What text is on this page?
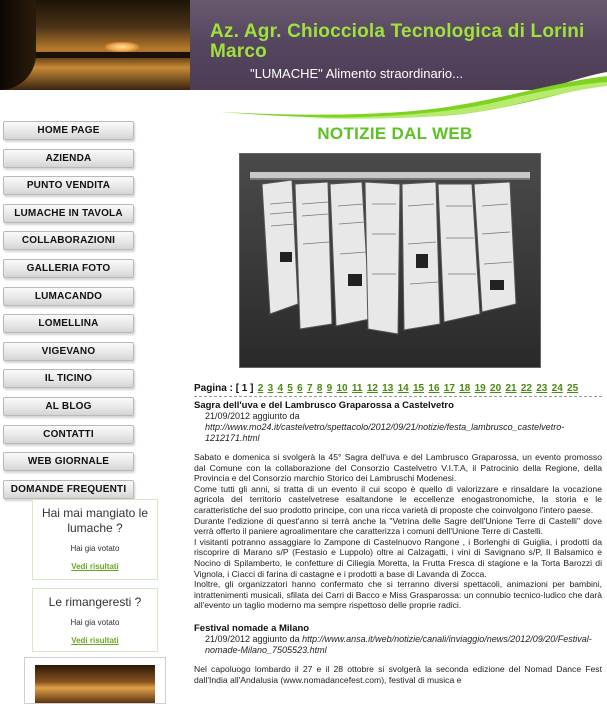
Az. Agr. Chiocciola Tecnologica di Lorini Marco
"LUMACHE" Alimento straordinario...
HOME PAGE
AZIENDA
PUNTO VENDITA
LUMACHE IN TAVOLA
COLLABORAZIONI
GALLERIA FOTO
LUMACANDO
LOMELLINA
VIGEVANO
IL TICINO
AL BLOG
CONTATTI
WEB GIORNALE
DOMANDE FREQUENTI
Hai mai mangiato le lumache ?
Hai gia votato
Vedi risultati
Le rimangeresti ?
Hai gia votato
Vedi risultati
NOTIZIE DAL WEB
Pagina : [ 1 ] 2 3 4 5 6 7 8 9 10 11 12 13 14 15 16 17 18 19 20 21 22 23 24 25
Sagra dell'uva e del Lambrusco Graparossa a Castelvetro
21/09/2012 aggiunto da http://www.mo24.it/castelvetro/spettacolo/2012/09/21/notizie/festa_lambrusco_castelvetro-1212171.html

Sabato e domenica si svolgerà la 45° Sagra dell'uva e del Lambrusco Graparossa, un evento promosso dal Comune con la collaborazione del Consorzio Castelvetro V.I.T.A, il Patrocinio della Regione, della Provincia e del Consorzio marchio Storico dei Lambruschi Modenesi.

Come tutti gli anni, si tratta di un evento il cui scopo è quello di valorizzare e rinsaldare la vocazione agricola del territorio castelvetrese esaltandone le eccellenze enogastronomiche, la storia e le caratteristiche del suo prodotto principe, con una ricca varietà di proposte che coinvolgono l'intero paese.

Durante l'edizione di quest'anno si terrà anche la "Vetrina delle Sagre dell'Unione Terre di Castelli" dove verrà offerto il paniere agroalimentare che caratterizza i comuni dell'Unione Terre di Castelli.

I visitanti potranno assaggiare lo Zampone di Castelnuovo Rangone , i Borlenghi di Guiglia, i prodotti da riscoprire di Marano s/P (Festasio e Luppolo) oltre ai Calzagatti, i vini di Savignano s/P, Il Balsamico e Nocino di Spilamberto, le confetture di Ciliegia Moretta, la Frutta Fresca di stagione e la Torta Barozzi di Vignola, i Ciacci di farina di castagne e i prodotti a base di Lavanda di Zocca.

Inoltre, gli organizzatori hanno confermato che si terranno diversi spettacoli, animazioni per bambini, intrattenimenti musicali, sfilata dei Carri di Bacco e Miss Grasparossa: un connubio tecnico-ludico che darà all'evento un taglio moderno ma sempre rispettoso delle proprie radici.

Festival nomade a Milano
21/09/2012 aggiunto da http://www.ansa.it/web/notizie/canali/inviaggio/news/2012/09/20/Festival-nomade-Milano_7505523.html

Nel capoluogo lombardo il 27 e il 28 ottobre si svolgerà la seconda edizione del Nomad Dance Fest dall'India all'Andalusia (www.nomadancefest.com), festival di musica e
